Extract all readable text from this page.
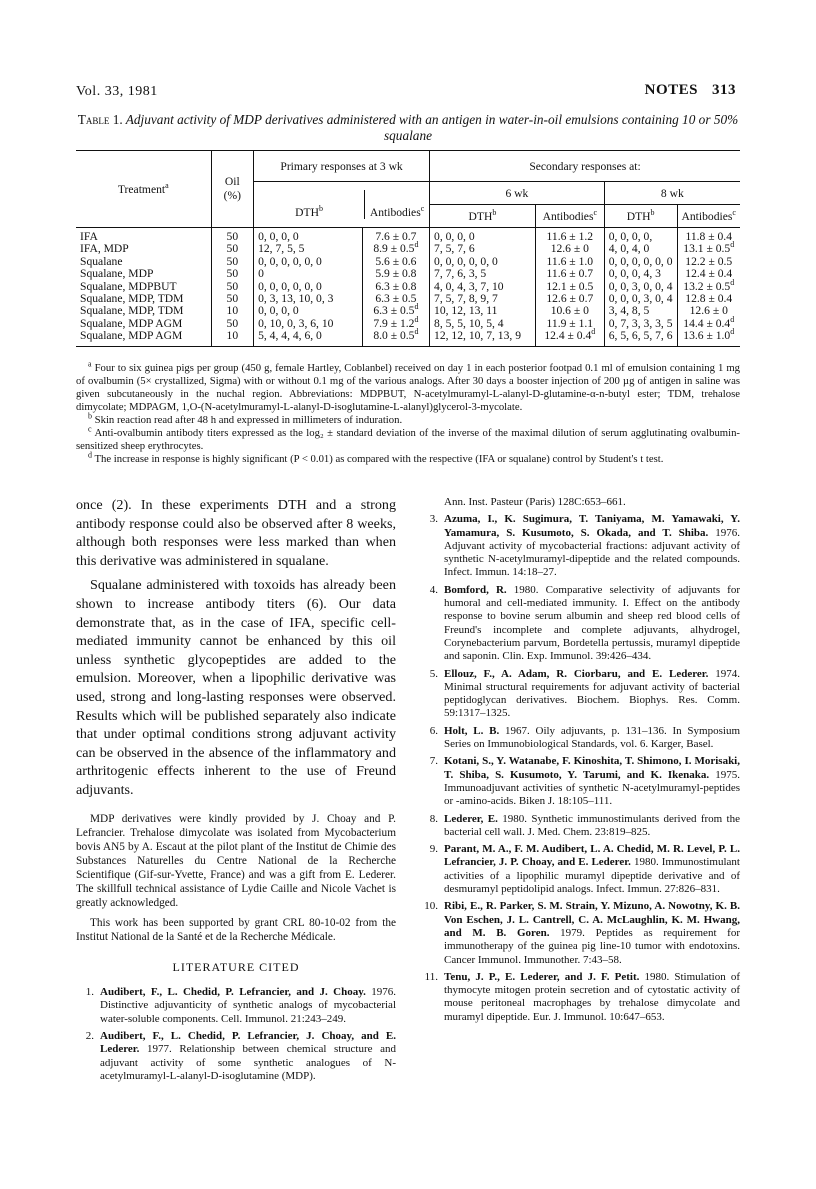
Vol. 33, 1981	NOTES 313
Table 1. Adjuvant activity of MDP derivatives administered with an antigen in water-in-oil emulsions containing 10 or 50% squalane
Treatment$^a$	Oil
(%)	Primary responses at 3 wk		Secondary responses at:			

		DTH$^b$ Antibodies$^c$		6 wk		8 wk	
				DTH$^b$	Antibodies$^c$	DTH$^b$	Antibodies$^c$
IFA	50	0, 0, 0, 0	7.6 ± 0.7	0, 0, 0, 0	11.6 ± 1.2	0, 0, 0, 0,	11.8 ± 0.4
IFA, MDP	50	12, 7, 5, 5	8.9 ± 0.5$^d$	7, 5, 7, 6	12.6 ± 0	4, 0, 4, 0	13.1 ± 0.5$^d$
Squalane	50	0, 0, 0, 0, 0, 0	5.6 ± 0.6	0, 0, 0, 0, 0, 0	11.6 ± 1.0	0, 0, 0, 0, 0, 0	12.2 ± 0.5
Squalane, MDP	50	0	5.9 ± 0.8	7, 7, 6, 3, 5	11.6 ± 0.7	0, 0, 0, 4, 3	12.4 ± 0.4
Squalane, MDPBUT	50	0, 0, 0, 0, 0, 0	6.3 ± 0.8	4, 0, 4, 3, 7, 10	12.1 ± 0.5	0, 0, 3, 0, 0, 4	13.2 ± 0.5$^d$
Squalane, MDP, TDM	50	0, 3, 13, 10, 0, 3	6.3 ± 0.5	7, 5, 7, 8, 9, 7	12.6 ± 0.7	0, 0, 0, 3, 0, 4	12.8 ± 0.4
Squalane, MDP, TDM	10	0, 0, 0, 0	6.3 ± 0.5$^d$	10, 12, 13, 11	10.6 ± 0	3, 4, 8, 5	12.6 ± 0
Squalane, MDP AGM	50	0, 10, 0, 3, 6, 10	7.9 ± 1.2$^d$	8, 5, 5, 10, 5, 4	11.9 ± 1.1	0, 7, 3, 3, 3, 5	14.4 ± 0.4$^d$
Squalane, MDP AGM	10	5, 4, 4, 4, 6, 0	8.0 ± 0.5$^d$	12, 12, 10, 7, 13, 9	12.4 ± 0.4$^d$	6, 5, 6, 5, 7, 6	13.6 ± 1.0$^d$
$^a$ Four to six guinea pigs per group (450 g, female Hartley, Coblanbel) received on day 1 in each posterior footpad 0.1 ml of emulsion containing 1 mg of ovalbumin (5× crystallized, Sigma) with or without 0.1 mg of the various analogs. After 30 days a booster injection of 200 µg of antigen in saline was given subcutaneously in the nuchal region. Abbreviations: MDPBUT, N-acetylmuramyl-L-alanyl-D-glutamine-α-n-butyl ester; TDM, trehalose dimycolate; MDPAGM, 1,O-(N-acetylmuramyl-L-alanyl-D-isoglutamine-L-alanyl)glycerol-3-mycolate.
$^b$ Skin reaction read after 48 h and expressed in millimeters of induration.
$^c$ Anti-ovalbumin antibody titers expressed as the log₂ ± standard deviation of the inverse of the maximal dilution of serum agglutinating ovalbumin-sensitized sheep erythrocytes.
$^d$ The increase in response is highly significant (P < 0.01) as compared with the respective (IFA or squalane) control by Student's t test.

once (2). In these experiments DTH and a strong antibody response could also be observed after 8 weeks, although both responses were less marked than when this derivative was administered in squalane.

Squalane administered with toxoids has already been shown to increase antibody titers (6). Our data demonstrate that, as in the case of IFA, specific cell-mediated immunity cannot be enhanced by this oil unless synthetic glycopeptides are added to the emulsion. Moreover, when a lipophilic derivative was used, strong and long-lasting responses were observed. Results which will be published separately also indicate that under optimal conditions strong adjuvant activity can be observed in the absence of the inflammatory and arthritogenic effects inherent to the use of Freund adjuvants.

MDP derivatives were kindly provided by J. Choay and P. Lefrancier. Trehalose dimycolate was isolated from Mycobacterium bovis AN5 by A. Escaut at the pilot plant of the Institut de Chimie des Substances Naturelles du Centre National de la Recherche Scientifique (Gif-sur-Yvette, France) and was a gift from E. Lederer. The skillfull technical assistance of Lydie Caille and Nicole Vachet is greatly acknowledged.

This work has been supported by grant CRL 80-10-02 from the Institut National de la Santé et de la Recherche Médicale.

LITERATURE CITED
1. Audibert, F., L. Chedid, P. Lefrancier, and J. Choay. 1976. Distinctive adjuvanticity of synthetic analogs of mycobacterial water-soluble components. Cell. Immunol. 21:243–249.
2. Audibert, F., L. Chedid, P. Lefrancier, J. Choay, and E. Lederer. 1977. Relationship between chemical structure and adjuvant activity of some synthetic analogues of N-acetylmuramyl-L-alanyl-D-isoglutamine (MDP).
Ann. Inst. Pasteur (Paris) 128C:653–661.
3. Azuma, I., K. Sugimura, T. Taniyama, M. Yamawaki, Y. Yamamura, S. Kusumoto, S. Okada, and T. Shiba. 1976. Adjuvant activity of mycobacterial fractions: adjuvant activity of synthetic N-acetylmuramyl-dipeptide and the related compounds. Infect. Immun. 14:18–27.
4. Bomford, R. 1980. Comparative selectivity of adjuvants for humoral and cell-mediated immunity. I. Effect on the antibody response to bovine serum albumin and sheep red blood cells of Freund's incomplete and complete adjuvants, alhydrogel, Corynebacterium parvum, Bordetella pertussis, muramyl dipeptide and saponin. Clin. Exp. Immunol. 39:426–434.
5. Ellouz, F., A. Adam, R. Ciorbaru, and E. Lederer. 1974. Minimal structural requirements for adjuvant activity of bacterial peptidoglycan derivatives. Biochem. Biophys. Res. Comm. 59:1317–1325.
6. Holt, L. B. 1967. Oily adjuvants, p. 131–136. In Symposium Series on Immunobiological Standards, vol. 6. Karger, Basel.
7. Kotani, S., Y. Watanabe, F. Kinoshita, T. Shimono, I. Morisaki, T. Shiba, S. Kusumoto, Y. Tarumi, and K. Ikenaka. 1975. Immunoadjuvant activities of synthetic N-acetylmuramyl-peptides or -amino-acids. Biken J. 18:105–111.
8. Lederer, E. 1980. Synthetic immunostimulants derived from the bacterial cell wall. J. Med. Chem. 23:819–825.
9. Parant, M. A., F. M. Audibert, L. A. Chedid, M. R. Level, P. L. Lefrancier, J. P. Choay, and E. Lederer. 1980. Immunostimulant activities of a lipophilic muramyl dipeptide derivative and of desmuramyl peptidolipid analogs. Infect. Immun. 27:826–831.
10. Ribi, E., R. Parker, S. M. Strain, Y. Mizuno, A. Nowotny, K. B. Von Eschen, J. L. Cantrell, C. A. McLaughlin, K. M. Hwang, and M. B. Goren. 1979. Peptides as requirement for immunotherapy of the guinea pig line-10 tumor with endotoxins. Cancer Immunol. Immunother. 7:43–58.
11. Tenu, J. P., E. Lederer, and J. F. Petit. 1980. Stimulation of thymocyte mitogen protein secretion and of cytostatic activity of mouse peritoneal macrophages by trehalose dimycolate and muramyl dipeptide. Eur. J. Immunol. 10:647–653.
